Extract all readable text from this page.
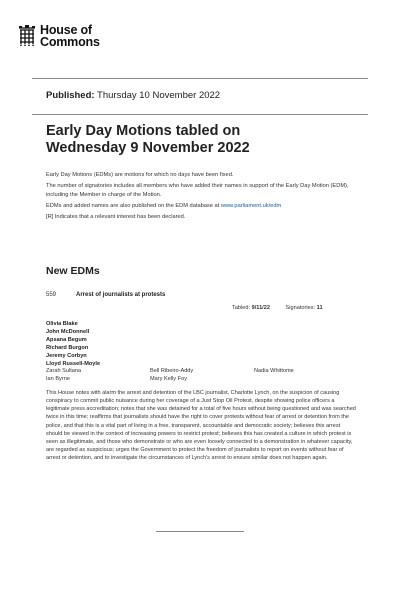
House of
Commons
Published: Thursday 10 November 2022
Early Day Motions tabled on
Wednesday 9 November 2022

Early Day Motions (EDMs) are motions for which no days have been fixed.

The number of signatories includes all members who have added their names in support of the Early Day Motion (EDM), including the Member in charge of the Motion.

EDMs and added names are also published on the EDM database at www.parliament.uk/edm

[R] Indicates that a relevant interest has been declared.

New EDMs
559	Arrest of journalists at protests
Tabled: 9/11/22	Signatories: 11
Olivia Blake
John McDonnell
Apsana Begum
Richard Burgon
Jeremy Corbyn
Lloyd Russell-Moyle
Zarah Sultana	Bell Ribeiro-Addy	Nadia Whittome
Ian Byrne	Mary Kelly Foy
This House notes with alarm the arrest and detention of the LBC journalist, Charlotte Lynch, on the suspicion of causing conspiracy to commit public nuisance during her coverage of a Just Stop Oil Protest, despite showing police officers a legitimate press accreditation; notes that she was detained for a total of five hours without being questioned and was searched twice in this time; reaffirms that journalists should have the right to cover protests without fear of arrest or detention from the police, and that this is a vital part of living in a free, transparent, accountable and democratic society; believes this arrest should be viewed in the context of increasing powers to restrict protest; believes this has created a culture in which protest is seen as illegitimate, and those who demonstrate or who are even loosely connected to a demonstration in whatever capacity, are regarded as suspicious; urges the Government to protect the freedom of journalists to report on events without fear of arrest or detention, and to investigate the circumstances of Lynch's arrest to ensure similar does not happen again.
